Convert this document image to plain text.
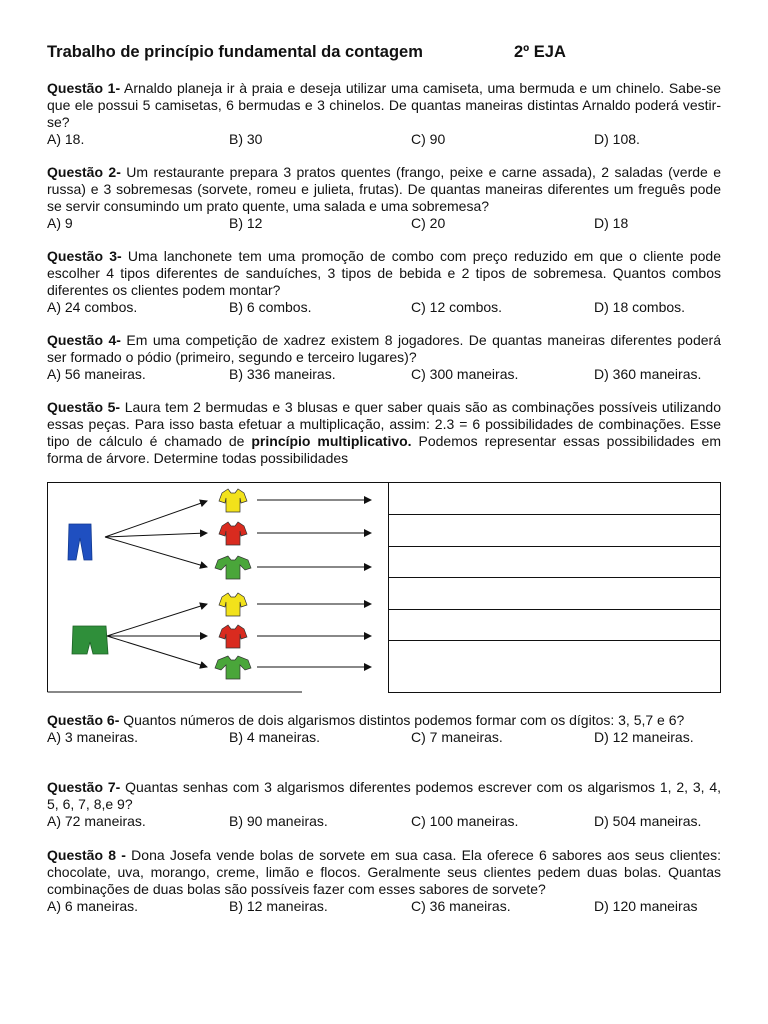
Trabalho de princípio fundamental da contagem	2º EJA

Questão 1- Arnaldo planeja ir à praia e deseja utilizar uma camiseta, uma bermuda e um chinelo. Sabe-se que ele possui 5 camisetas, 6 bermudas e 3 chinelos. De quantas maneiras distintas Arnaldo poderá vestir-se?

A) 18.	B) 30	C) 90	D) 108.

Questão 2- Um restaurante prepara 3 pratos quentes (frango, peixe e carne assada), 2 saladas (verde e russa) e 3 sobremesas (sorvete, romeu e julieta, frutas). De quantas maneiras diferentes um freguês pode se servir consumindo um prato quente, uma salada e uma sobremesa?

A) 9	B) 12	C) 20	D) 18

Questão 3- Uma lanchonete tem uma promoção de combo com preço reduzido em que o cliente pode escolher 4 tipos diferentes de sanduíches, 3 tipos de bebida e 2 tipos de sobremesa. Quantos combos diferentes os clientes podem montar?

A) 24 combos.	B) 6 combos.	C) 12 combos.	D) 18 combos.

Questão 4- Em uma competição de xadrez existem 8 jogadores. De quantas maneiras diferentes poderá ser formado o pódio (primeiro, segundo e terceiro lugares)?

A) 56 maneiras.	B) 336 maneiras.	C) 300 maneiras.	D) 360 maneiras.

Questão 5- Laura tem 2 bermudas e 3 blusas e quer saber quais são as combinações possíveis utilizando essas peças. Para isso basta efetuar a multiplicação, assim: 2.3 = 6 possibilidades de combinações. Esse tipo de cálculo é chamado de princípio multiplicativo. Podemos representar essas possibilidades em forma de árvore. Determine todas possibilidades

Questão 6- Quantos números de dois algarismos distintos podemos formar com os dígitos: 3, 5,7 e 6?

A) 3 maneiras.	B) 4 maneiras.	C) 7 maneiras.	D) 12 maneiras.

Questão 7- Quantas senhas com 3 algarismos diferentes podemos escrever com os algarismos 1, 2, 3, 4, 5, 6, 7, 8,e 9?

A) 72 maneiras.	B) 90 maneiras.	C) 100 maneiras.	D) 504 maneiras.

Questão 8 - Dona Josefa vende bolas de sorvete em sua casa. Ela oferece 6 sabores aos seus clientes: chocolate, uva, morango, creme, limão e flocos. Geralmente seus clientes pedem duas bolas. Quantas combinações de duas bolas são possíveis fazer com esses sabores de sorvete?

A) 6 maneiras.	B) 12 maneiras.	C) 36 maneiras.	D) 120 maneiras
